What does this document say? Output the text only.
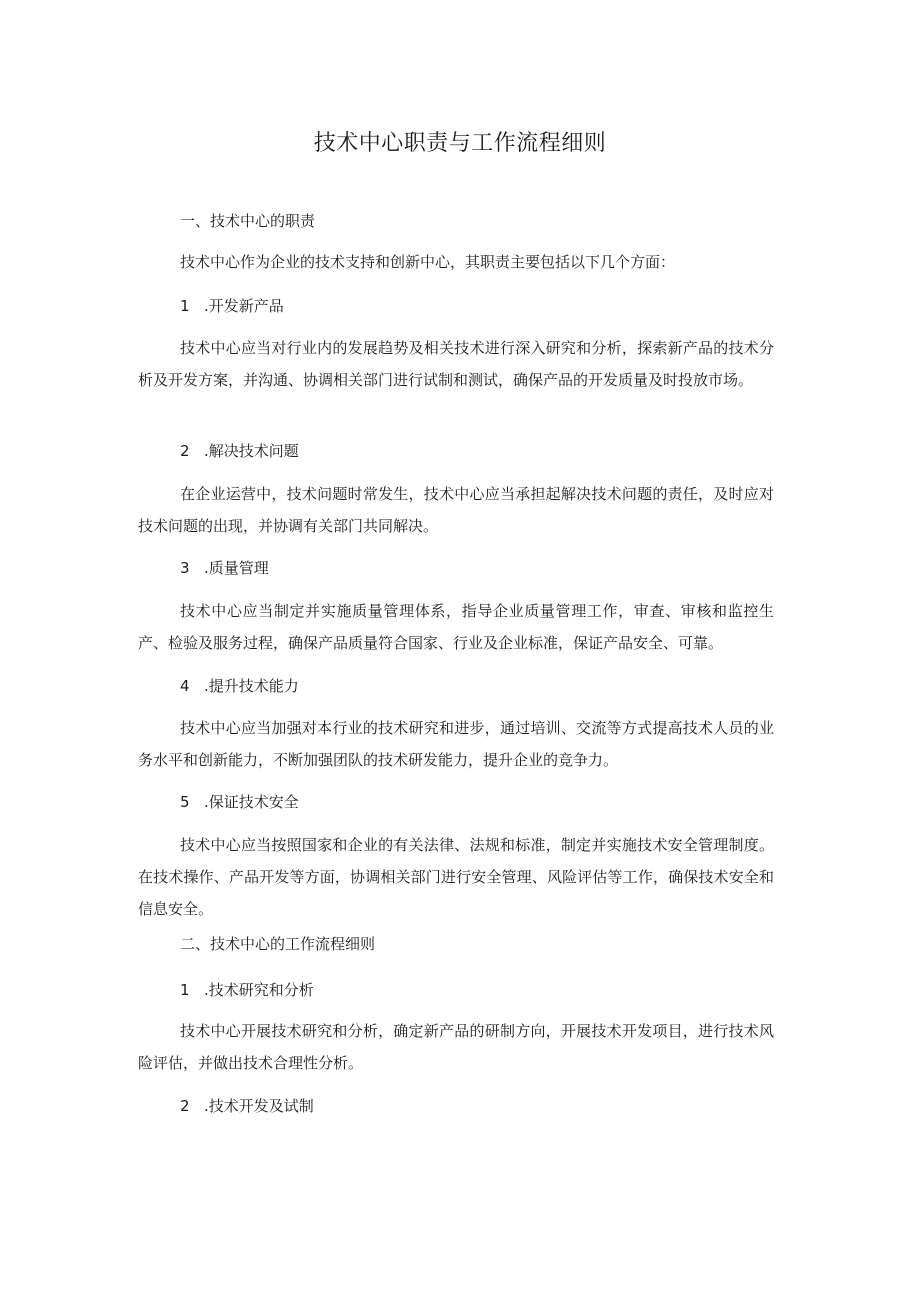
技术中心职责与工作流程细则
一、技术中心的职责
技术中心作为企业的技术支持和创新中心，其职责主要包括以下几个方面：
1 .开发新产品
技术中心应当对行业内的发展趋势及相关技术进行深入研究和分析，探索新产品的技术分析及开发方案，并沟通、协调相关部门进行试制和测试，确保产品的开发质量及时投放市场。
2 .解决技术问题
在企业运营中，技术问题时常发生，技术中心应当承担起解决技术问题的责任，及时应对技术问题的出现，并协调有关部门共同解决。
3 .质量管理
技术中心应当制定并实施质量管理体系，指导企业质量管理工作，审查、审核和监控生产、检验及服务过程，确保产品质量符合国家、行业及企业标准，保证产品安全、可靠。
4 .提升技术能力
技术中心应当加强对本行业的技术研究和进步，通过培训、交流等方式提高技术人员的业务水平和创新能力，不断加强团队的技术研发能力，提升企业的竞争力。
5 .保证技术安全
技术中心应当按照国家和企业的有关法律、法规和标准，制定并实施技术安全管理制度。在技术操作、产品开发等方面，协调相关部门进行安全管理、风险评估等工作，确保技术安全和信息安全。
二、技术中心的工作流程细则
1 .技术研究和分析
技术中心开展技术研究和分析，确定新产品的研制方向，开展技术开发项目，进行技术风险评估，并做出技术合理性分析。
2 .技术开发及试制
